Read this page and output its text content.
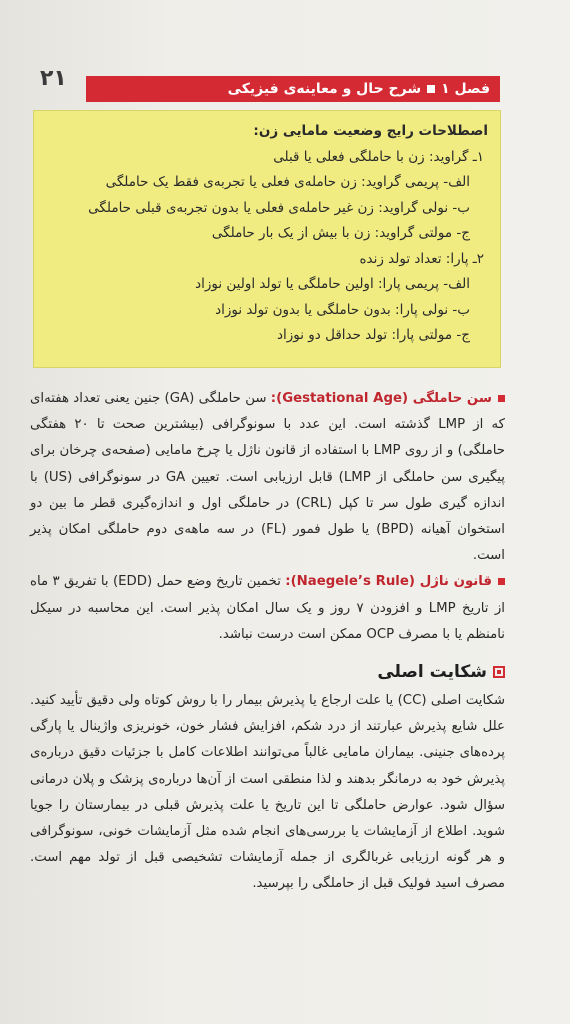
۲۱	فصل ۱
شرح حال و معاینه‌ی فیزیکی
اصطلاحات رایج وضعیت مامایی زن:
۱ـ گراوید: زن با حاملگی فعلی یا قبلی
الف- پریمی گراوید: زن حامله‌ی فعلی یا تجربه‌ی فقط یک حاملگی
ب- نولی گراوید: زن غیر حامله‌ی فعلی یا بدون تجربه‌ی قبلی حاملگی
ج- مولتی گراوید: زن با بیش از یک بار حاملگی
۲ـ پارا: تعداد تولد زنده
الف- پریمی پارا: اولین حاملگی یا تولد اولین نوزاد
ب- نولی پارا: بدون حاملگی یا بدون تولد نوزاد
ج- مولتی پارا: تولد حداقل دو نوزاد

سن حاملگی (Gestational Age): سن حاملگی (GA) جنین یعنی تعداد هفته‌ای که از LMP گذشته است. این عدد با سونوگرافی (بیشترین صحت تا ۲۰ هفتگی حاملگی) و از روی LMP با استفاده از قانون ناژل یا چرخ مامایی (صفحه‌ی چرخان برای پیگیری سن حاملگی از LMP) قابل ارزیابی است. تعیین GA در سونوگرافی (US) با اندازه گیری طول سر تا کپل (CRL) در حاملگی اول و اندازه‌گیری قطر ما بین دو استخوان آهیانه (BPD) یا طول فمور (FL) در سه ماهه‌ی دوم حاملگی امکان پذیر است.

قانون ناژل (Naegele’s Rule): تخمین تاریخ وضع حمل (EDD) با تفریق ۳ ماه از تاریخ LMP و افزودن ۷ روز و یک سال امکان پذیر است. این محاسبه در سیکل نامنظم یا با مصرف OCP ممکن است درست نباشد.

شکایت اصلی

شکایت اصلی (CC) یا علت ارجاع یا پذیرش بیمار را با روش کوتاه ولی دقیق تأیید کنید. علل شایع پذیرش عبارتند از درد شکم، افزایش فشار خون، خونریزی واژینال یا پارگی پرده‌های جنینی. بیماران مامایی غالباً می‌توانند اطلاعات کامل با جزئیات دقیق درباره‌ی پذیرش خود به درمانگر بدهند و لذا منطقی است از آن‌ها درباره‌ی پزشک و پلان درمانی سؤال شود. عوارض حاملگی تا این تاریخ یا علت پذیرش قبلی در بیمارستان را جویا شوید. اطلاع از آزمایشات یا بررسی‌های انجام شده مثل آزمایشات خونی، سونوگرافی و هر گونه ارزیابی غربالگری از جمله آزمایشات تشخیصی قبل از تولد مهم است. مصرف اسید فولیک قبل از حاملگی را بپرسید.
